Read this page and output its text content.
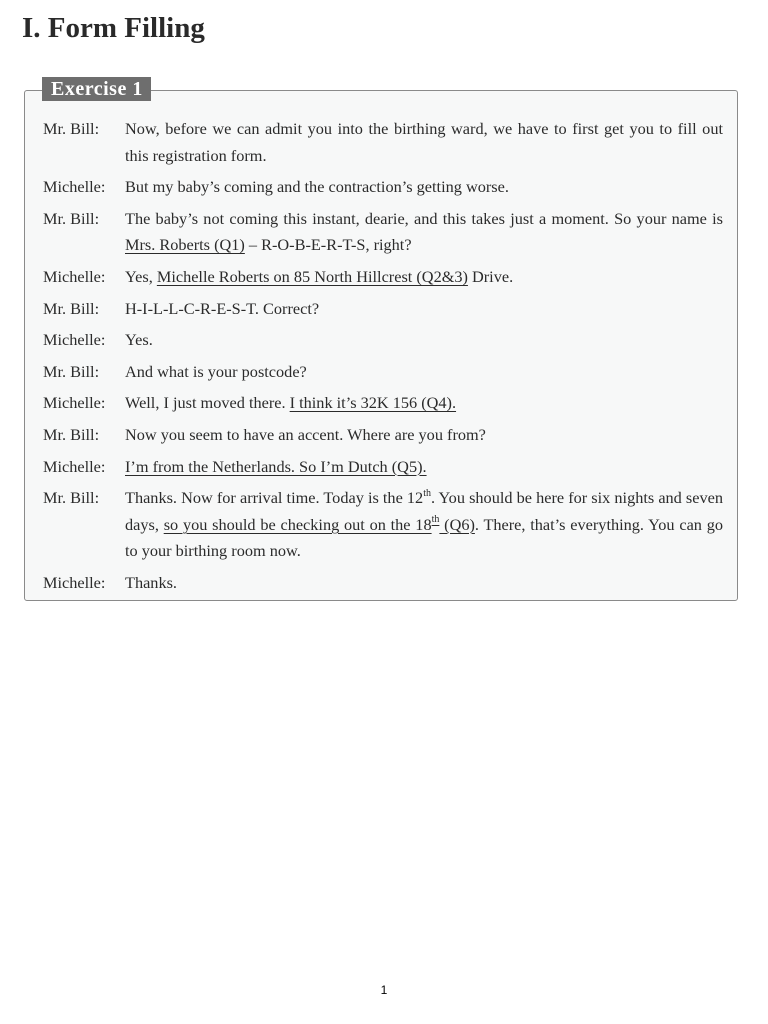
I. Form Filling
Exercise 1
Mr. Bill:	Now, before we can admit you into the birthing ward, we have to first get you to fill out this registration form.
Michelle:	But my baby’s coming and the contraction’s getting worse.
Mr. Bill:	The baby’s not coming this instant, dearie, and this takes just a moment. So your name is Mrs. Roberts (Q1) – R-O-B-E-R-T-S, right?
Michelle:	Yes, Michelle Roberts on 85 North Hillcrest (Q2&3) Drive.
Mr. Bill:	H-I-L-L-C-R-E-S-T. Correct?
Michelle:	Yes.
Mr. Bill:	And what is your postcode?
Michelle:	Well, I just moved there. I think it’s 32K 156 (Q4).
Mr. Bill:	Now you seem to have an accent. Where are you from?
Michelle:	I’m from the Netherlands. So I’m Dutch (Q5).
Mr. Bill:	Thanks. Now for arrival time. Today is the 12th. You should be here for six nights and seven days, so you should be checking out on the 18th (Q6). There, that’s everything. You can go to your birthing room now.
Michelle:	Thanks.
1
